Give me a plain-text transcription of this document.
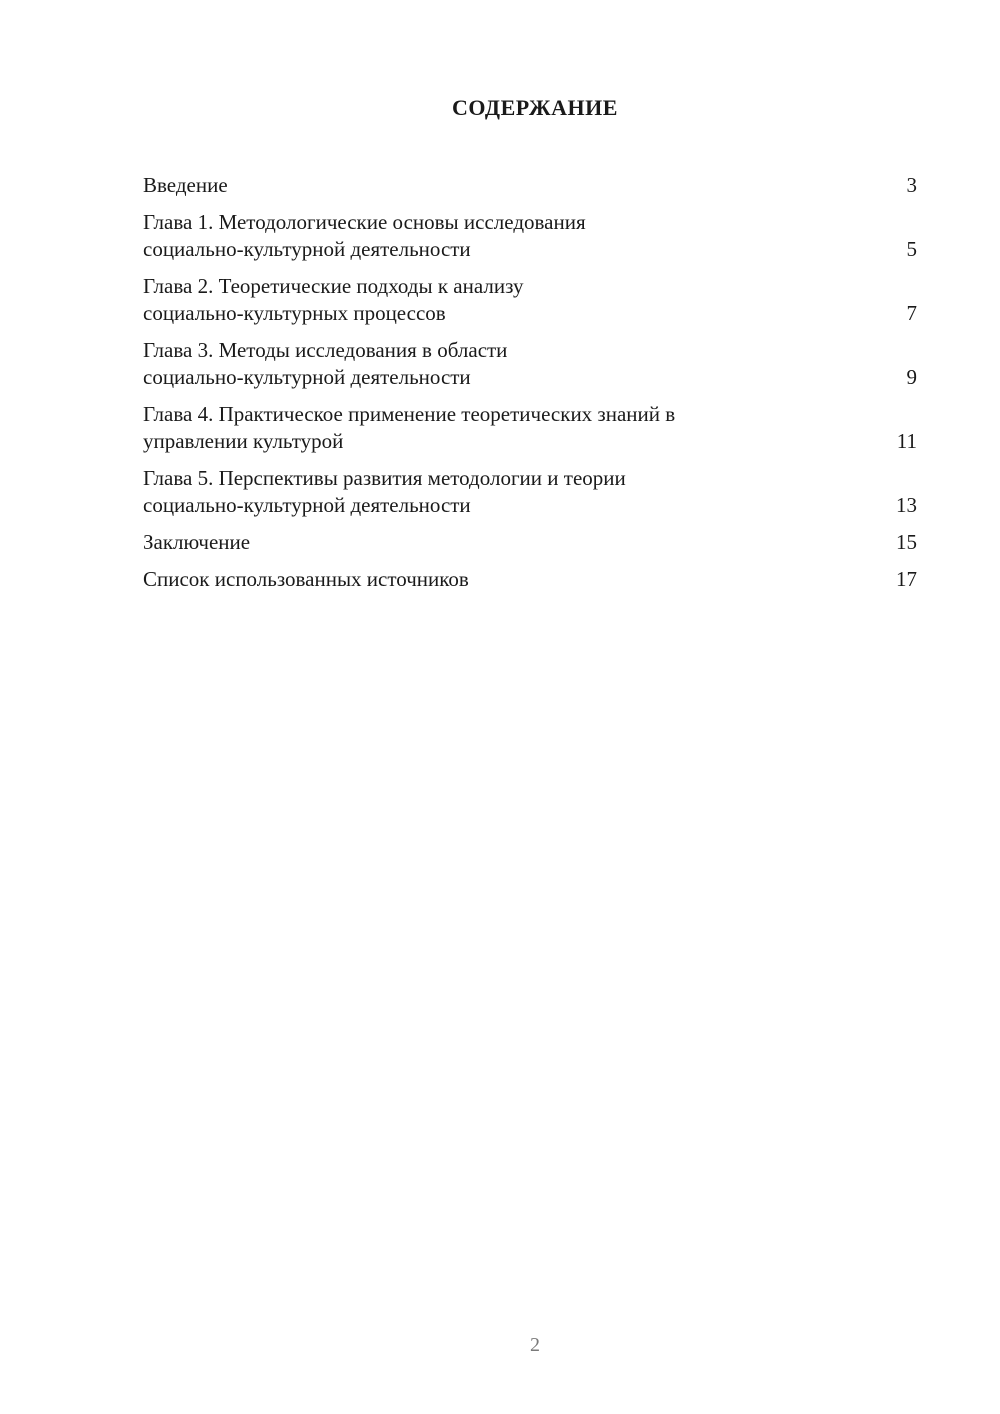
СОДЕРЖАНИЕ
Введение	3
Глава 1. Методологические основы исследования
социально-культурной деятельности	5
Глава 2. Теоретические подходы к анализу
социально-культурных процессов	7
Глава 3. Методы исследования в области
социально-культурной деятельности	9
Глава 4. Практическое применение теоретических знаний в
управлении культурой	11
Глава 5. Перспективы развития методологии и теории
социально-культурной деятельности	13
Заключение	15
Список использованных источников	17
2
